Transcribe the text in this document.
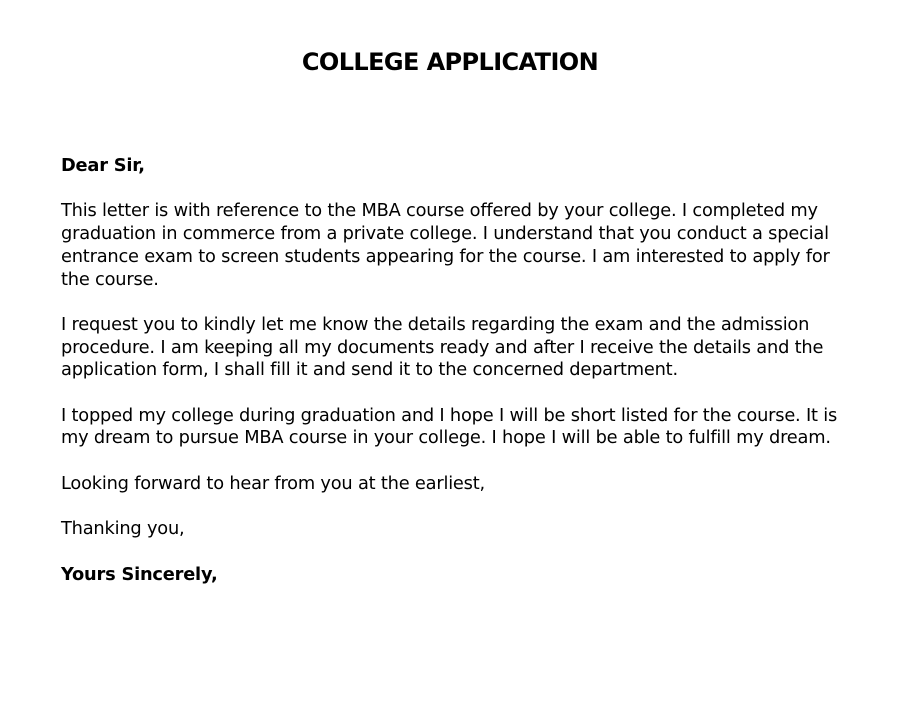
COLLEGE APPLICATION

Dear Sir,

This letter is with reference to the MBA course offered by your college. I completed my graduation in commerce from a private college. I understand that you conduct a special entrance exam to screen students appearing for the course. I am interested to apply for the course.

I request you to kindly let me know the details regarding the exam and the admission procedure. I am keeping all my documents ready and after I receive the details and the application form, I shall fill it and send it to the concerned department.

I topped my college during graduation and I hope I will be short listed for the course. It is my dream to pursue MBA course in your college. I hope I will be able to fulfill my dream.

Looking forward to hear from you at the earliest,

Thanking you,

Yours Sincerely,
